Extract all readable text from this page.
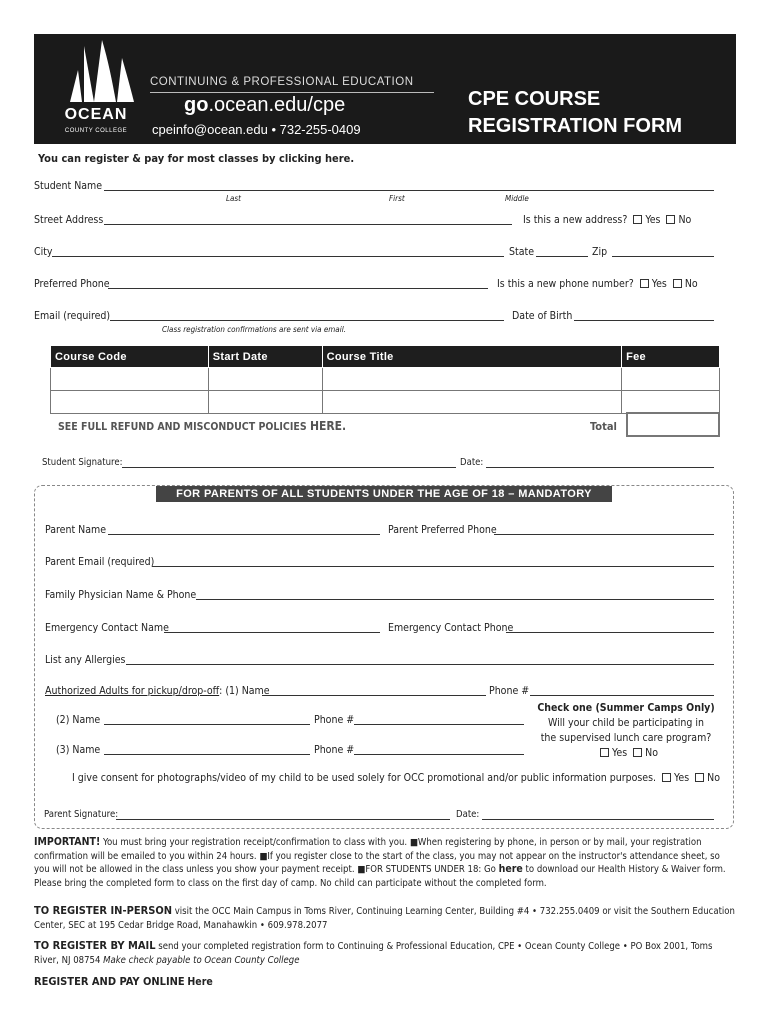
OCEAN
COUNTY COLLEGE
CONTINUING & PROFESSIONAL EDUCATION
go.ocean.edu/cpe
cpeinfo@ocean.edu • 732-255-0409
CPE COURSE
REGISTRATION FORM
You can register & pay for most classes by clicking here.
Student Name
Last	First	Middle
Street Address	Is this a new address? Yes No
City	State	Zip
Preferred Phone	Is this a new phone number? Yes No
Email (required)	Date of Birth
Class registration confirmations are sent via email.
Course Code	Start Date	Course Title	Fee

SEE FULL REFUND AND MISCONDUCT POLICIES HERE.	Total
Student Signature:	Date:
FOR PARENTS OF ALL STUDENTS UNDER THE AGE OF 18 – MANDATORY
Parent Name	Parent Preferred Phone
Parent Email (required)
Family Physician Name & Phone
Emergency Contact Name	Emergency Contact Phone
List any Allergies
Authorized Adults for pickup/drop-off: (1) Name	Phone #
(2) Name	Phone #
(3) Name	Phone #
Check one (Summer Camps Only)
Will your child be participating in
the supervised lunch care program?
Yes No
I give consent for photographs/video of my child to be used solely for OCC promotional and/or public information purposes. Yes No
Parent Signature:	Date:
IMPORTANT! You must bring your registration receipt/confirmation to class with you. ■When registering by phone, in person or by mail, your registration confirmation will be emailed to you within 24 hours. ■If you register close to the start of the class, you may not appear on the instructor's attendance sheet, so you will not be allowed in the class unless you show your payment receipt. ■FOR STUDENTS UNDER 18: Go here to download our Health History & Waiver form. Please bring the completed form to class on the first day of camp. No child can participate without the completed form.
TO REGISTER IN-PERSON visit the OCC Main Campus in Toms River, Continuing Learning Center, Building #4 • 732.255.0409 or visit the Southern Education Center, SEC at 195 Cedar Bridge Road, Manahawkin • 609.978.2077
TO REGISTER BY MAIL send your completed registration form to Continuing & Professional Education, CPE • Ocean County College • PO Box 2001, Toms River, NJ 08754 Make check payable to Ocean County College
REGISTER AND PAY ONLINE Here
